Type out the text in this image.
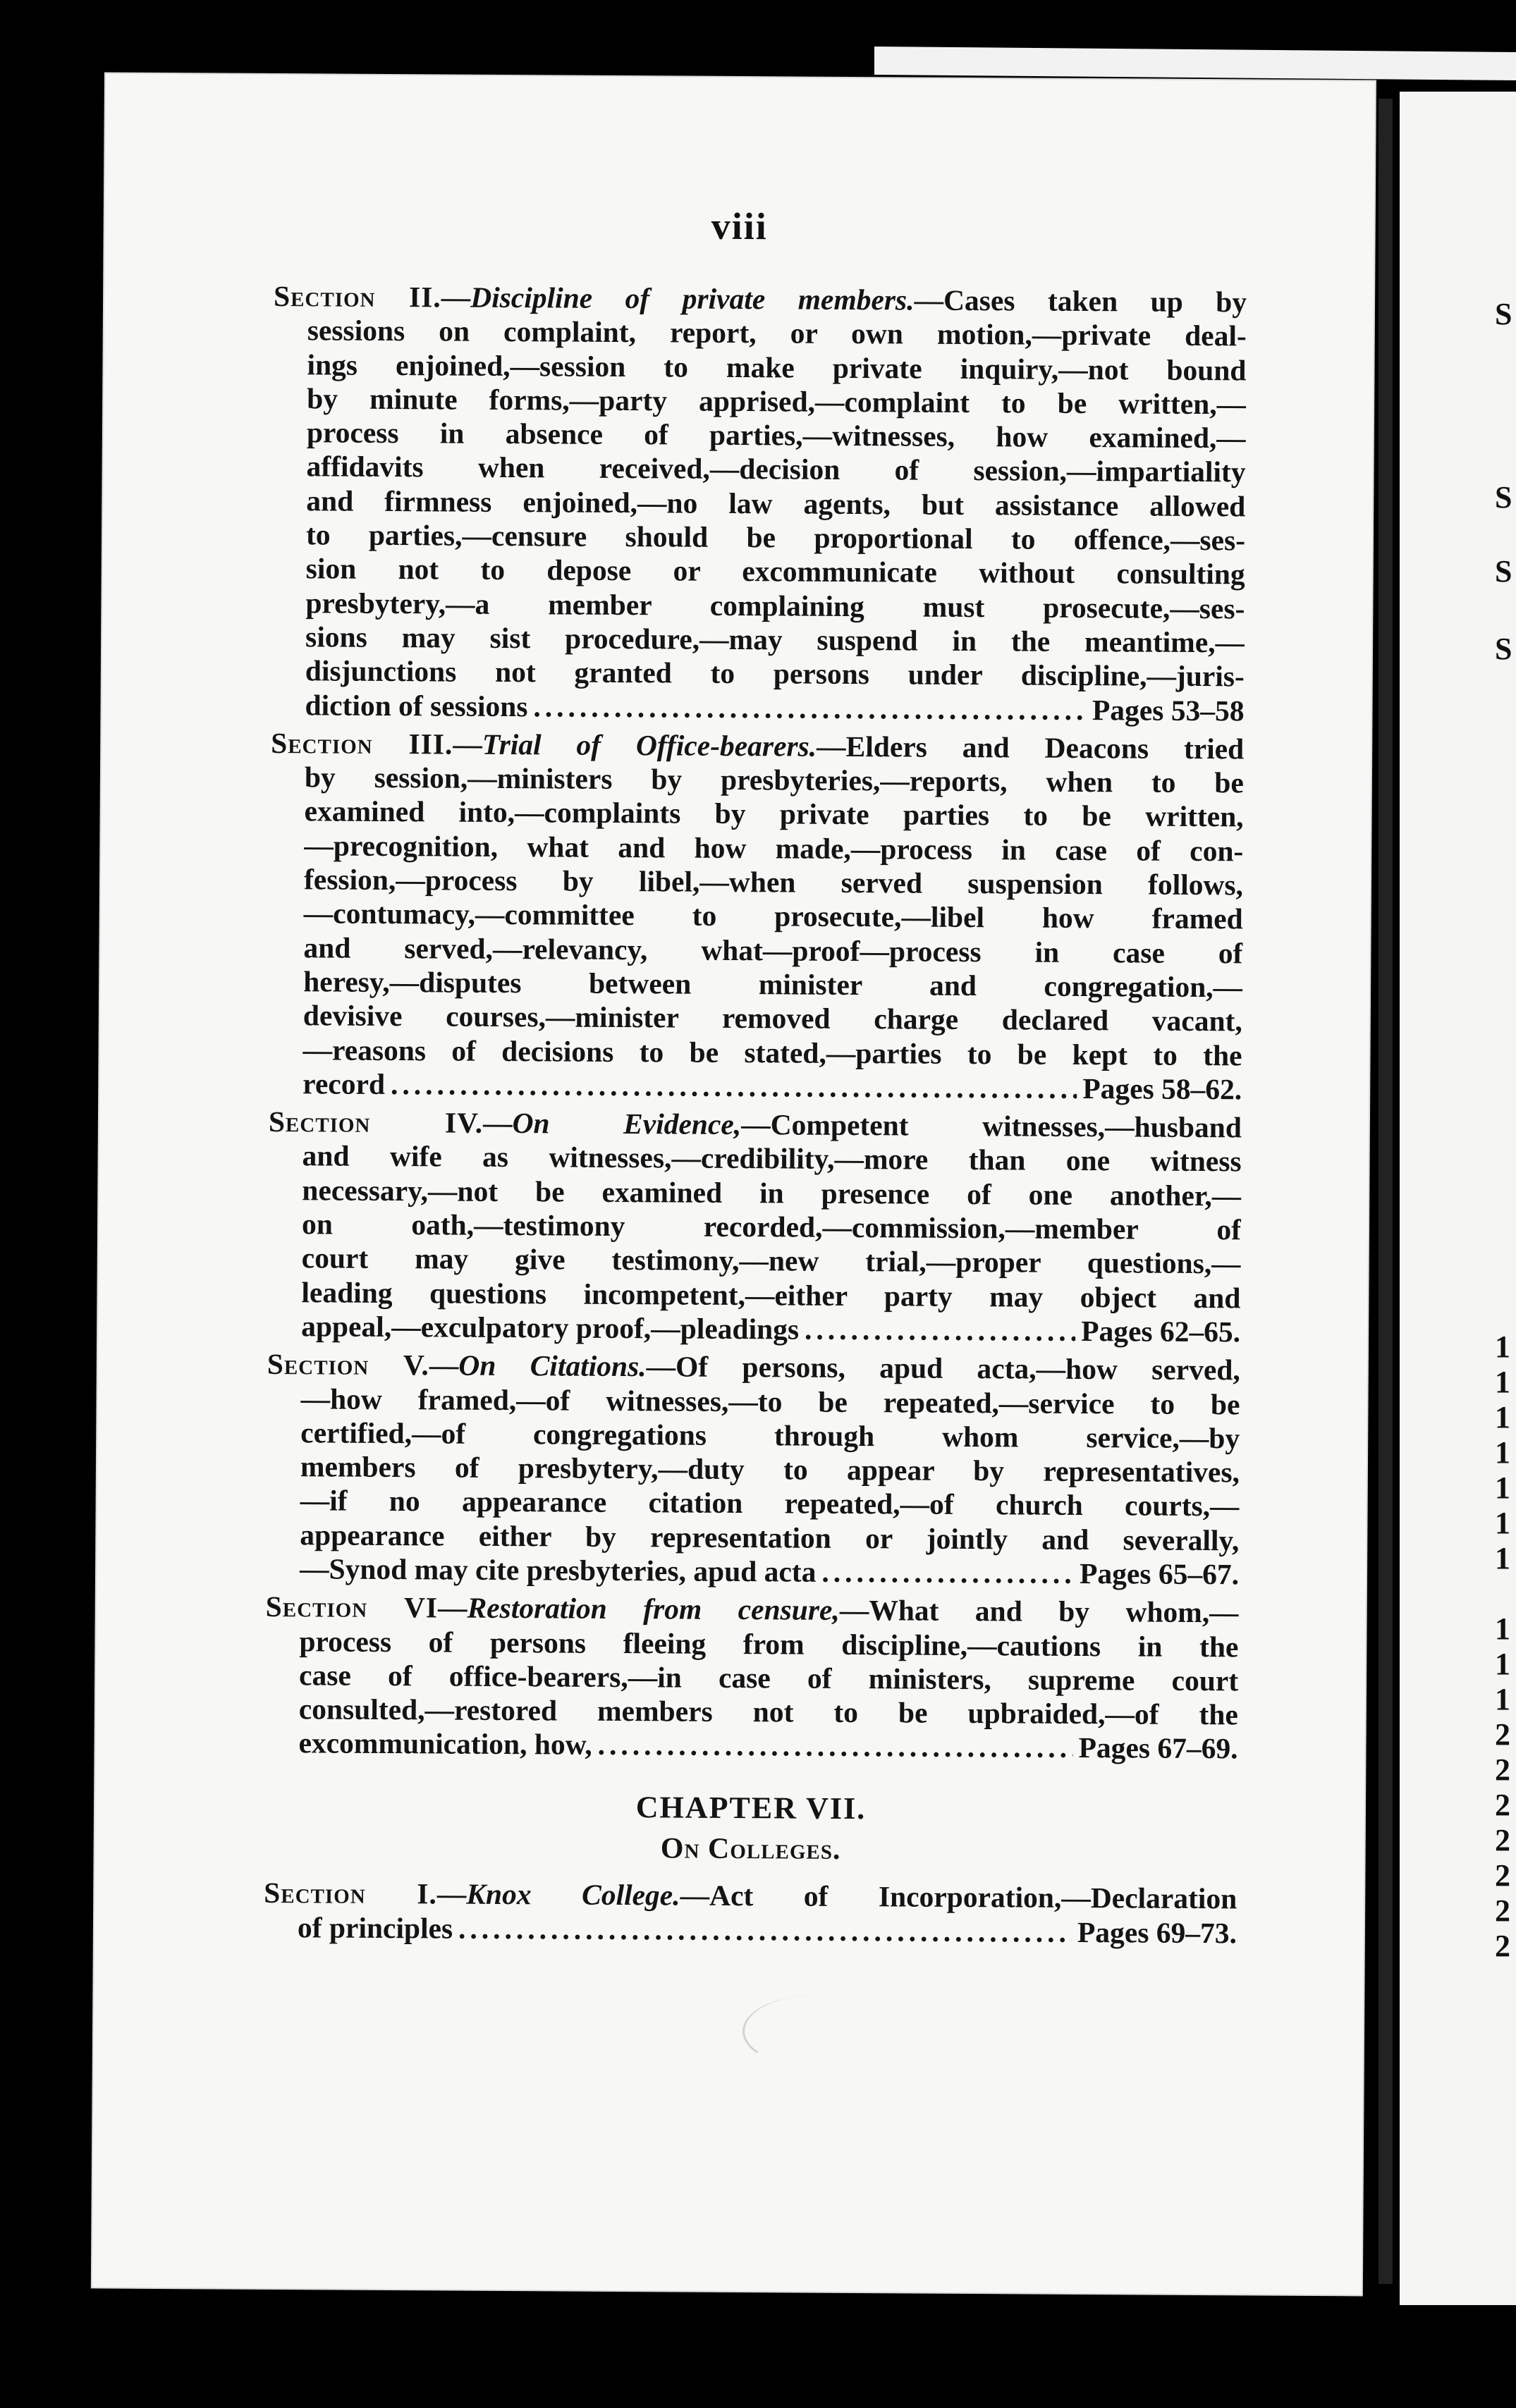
viii
Section II.—Discipline of private members.—Cases taken up by
sessions on complaint, report, or own motion,—private deal-
ings enjoined,—session to make private inquiry,—not bound
by minute forms,—party apprised,—complaint to be written,—
process in absence of parties,—witnesses, how examined,—
affidavits when received,—decision of session,—impartiality
and firmness enjoined,—no law agents, but assistance allowed
to parties,—censure should be proportional to offence,—ses-
sion not to depose or excommunicate without consulting
presbytery,—a member complaining must prosecute,—ses-
sions may sist procedure,—may suspend in the meantime,—
disjunctions not granted to persons under discipline,—juris-
diction of sessions .....	Pages 53–58
Section III.—Trial of Office-bearers.—Elders and Deacons tried
by session,—ministers by presbyteries,—reports, when to be
examined into,—complaints by private parties to be written,
—precognition, what and how made,—process in case of con-
fession,—process by libel,—when served suspension follows,
—contumacy,—committee to prosecute,—libel how framed
and served,—relevancy, what—proof—process in case of
heresy,—disputes between minister and congregation,—
devisive courses,—minister removed charge declared vacant,
—reasons of decisions to be stated,—parties to be kept to the
record .....	Pages 58–62.
Section IV.—On Evidence,—Competent witnesses,—husband
and wife as witnesses,—credibility,—more than one witness
necessary,—not be examined in presence of one another,—
on oath,—testimony recorded,—commission,—member of
court may give testimony,—new trial,—proper questions,—
leading questions incompetent,—either party may object and
appeal,—exculpatory proof,—pleadings .....	Pages 62–65.
Section V.—On Citations.—Of persons, apud acta,—how served,
—how framed,—of witnesses,—to be repeated,—service to be
certified,—of congregations through whom service,—by
members of presbytery,—duty to appear by representatives,
—if no appearance citation repeated,—of church courts,—
appearance either by representation or jointly and severally,
—Synod may cite presbyteries, apud acta .....	Pages 65–67.
Section VI—Restoration from censure,—What and by whom,—
process of persons fleeing from discipline,—cautions in the
case of office-bearers,—in case of ministers, supreme court
consulted,—restored members not to be upbraided,—of the
excommunication, how, .....	Pages 67–69.
CHAPTER VII.
On Colleges.
Section I.—Knox College.—Act of Incorporation,—Declaration
of principles .....	Pages 69–73.
S
S
S
S
1
1
1
1
1
1
1
1
1
1
2
2
2
2
2
2
2
